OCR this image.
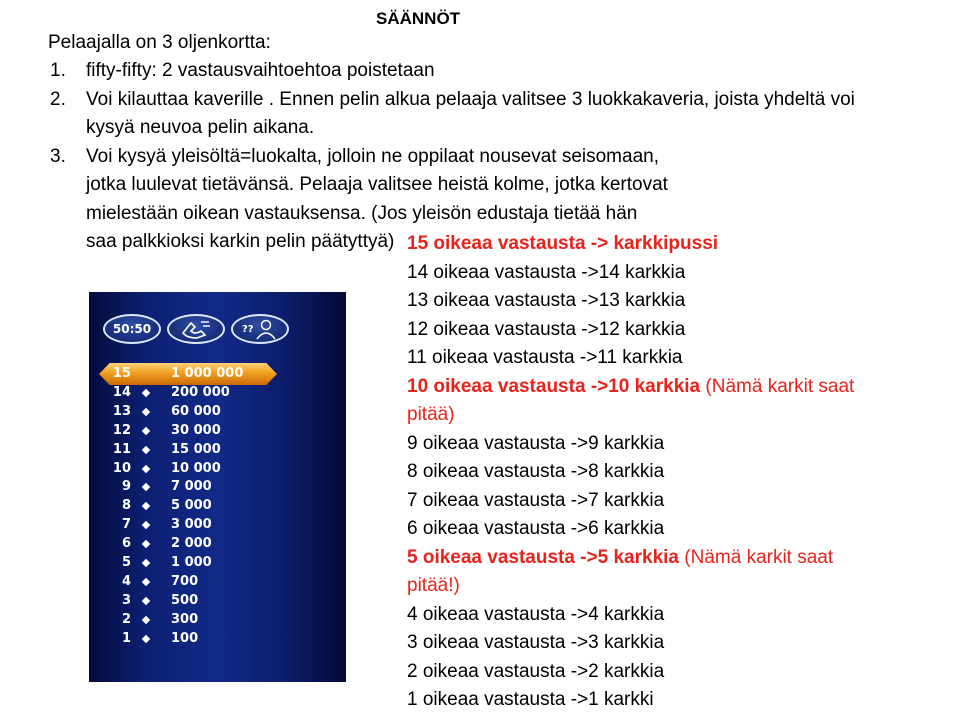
SÄÄNNÖT

Pelaajalla on 3 oljenkortta:

1. fifty-fifty: 2 vastausvaihtoehtoa poistetaan
2. Voi kilauttaa kaverille . Ennen pelin alkua pelaaja valitsee 3 luokkakaveria, joista yhdeltä voi kysyä neuvoa pelin aikana.
3. Voi kysyä yleisöltä=luokalta, jolloin ne oppilaat nousevat seisomaan, jotka luulevat tietävänsä. Pelaaja valitsee heistä kolme, jotka kertovat mielestään oikean vastauksensa. (Jos yleisön edustaja tietää hän saa palkkioksi karkin pelin päätyttyä) 15 oikeaa vastausta -> karkkipussi
14 oikeaa vastausta ->14 karkkia
13 oikeaa vastausta ->13 karkkia
12 oikeaa vastausta ->12 karkkia
11 oikeaa vastausta ->11 karkkia
10 oikeaa vastausta ->10 karkkia (Nämä karkit saat pitää)
9 oikeaa vastausta ->9 karkkia
8 oikeaa vastausta ->8 karkkia
7 oikeaa vastausta ->7 karkkia
6 oikeaa vastausta ->6 karkkia
5 oikeaa vastausta ->5 karkkia (Nämä karkit saat pitää!)
4 oikeaa vastausta ->4 karkkia
3 oikeaa vastausta ->3 karkkia
2 oikeaa vastausta ->2 karkkia
1 oikeaa vastausta ->1 karkki
50:50	??
15	1 000 000
14	200 000
13	60 000
12	30 000
11	15 000
10	10 000
9	7 000
8	5 000
7	3 000
6	2 000
5	1 000
4	700
3	500
2	300
1	100
